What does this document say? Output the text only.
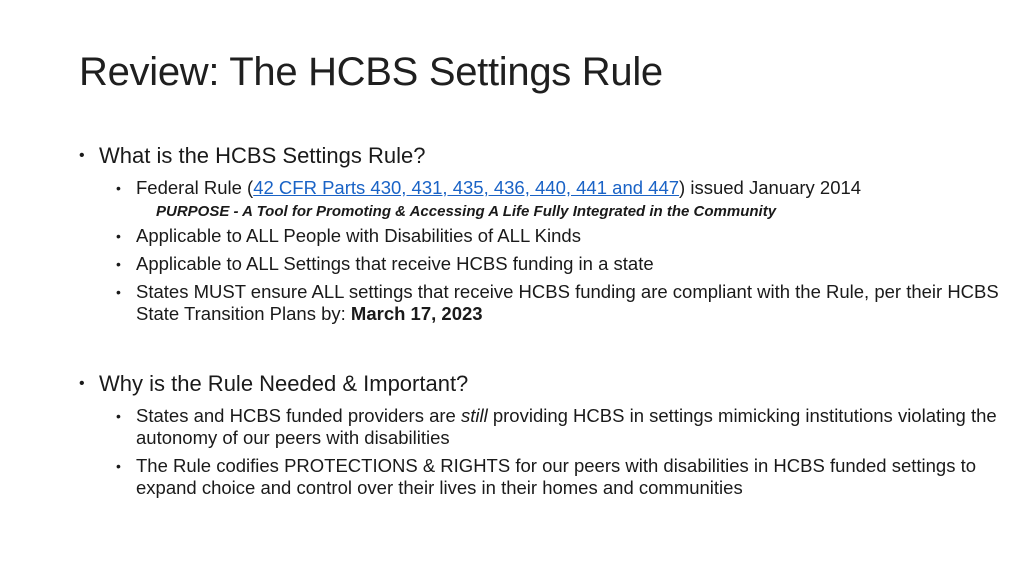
Review: The HCBS Settings Rule
• What is the HCBS Settings Rule?
• Federal Rule (42 CFR Parts 430, 431, 435, 436, 440, 441 and 447) issued January 2014
PURPOSE - A Tool for Promoting & Accessing A Life Fully Integrated in the Community
• Applicable to ALL People with Disabilities of ALL Kinds
• Applicable to ALL Settings that receive HCBS funding in a state
• States MUST ensure ALL settings that receive HCBS funding are compliant with the Rule, per their HCBS State Transition Plans by: March 17, 2023
• Why is the Rule Needed & Important?
• States and HCBS funded providers are still providing HCBS in settings mimicking institutions violating the autonomy of our peers with disabilities
• The Rule codifies PROTECTIONS & RIGHTS for our peers with disabilities in HCBS funded settings to expand choice and control over their lives in their homes and communities
